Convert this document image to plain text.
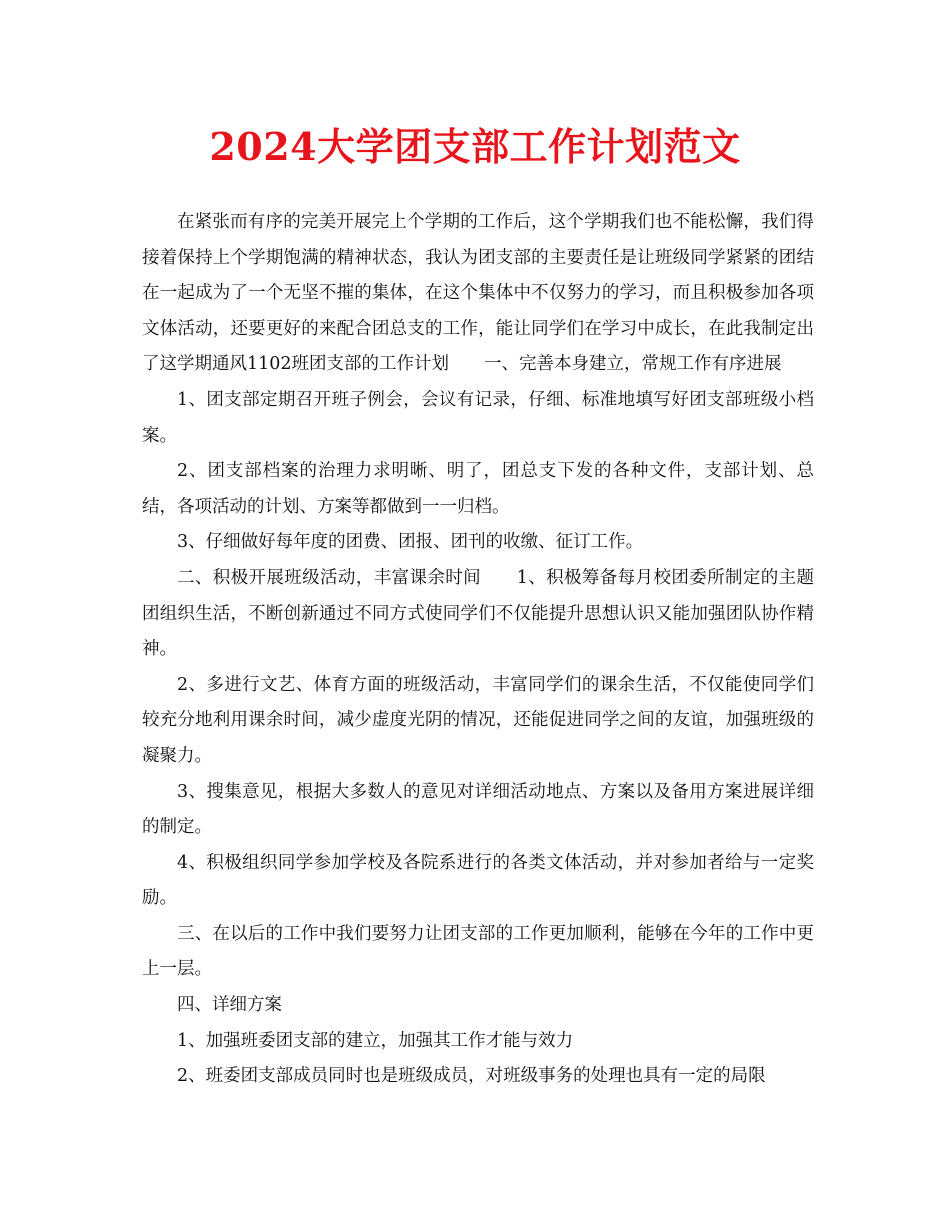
2024大学团支部工作计划范文

在紧张而有序的完美开展完上个学期的工作后，这个学期我们也不能松懈，我们得接着保持上个学期饱满的精神状态，我认为团支部的主要责任是让班级同学紧紧的团结在一起成为了一个无坚不摧的集体，在这个集体中不仅努力的学习，而且积极参加各项文体活动，还要更好的来配合团总支的工作，能让同学们在学习中成长，在此我制定出了这学期通风1102班团支部的工作计划　　一、完善本身建立，常规工作有序进展

1、团支部定期召开班子例会，会议有记录，仔细、标准地填写好团支部班级小档案。

2、团支部档案的治理力求明晰、明了，团总支下发的各种文件，支部计划、总结，各项活动的计划、方案等都做到一一归档。

3、仔细做好每年度的团费、团报、团刊的收缴、征订工作。

二、积极开展班级活动，丰富课余时间　　1、积极筹备每月校团委所制定的主题团组织生活，不断创新通过不同方式使同学们不仅能提升思想认识又能加强团队协作精神。

2、多进行文艺、体育方面的班级活动，丰富同学们的课余生活，不仅能使同学们较充分地利用课余时间，减少虚度光阴的情况，还能促进同学之间的友谊，加强班级的凝聚力。

3、搜集意见，根据大多数人的意见对详细活动地点、方案以及备用方案进展详细的制定。

4、积极组织同学参加学校及各院系进行的各类文体活动，并对参加者给与一定奖励。

三、在以后的工作中我们要努力让团支部的工作更加顺利，能够在今年的工作中更上一层。

四、详细方案

1、加强班委团支部的建立，加强其工作才能与效力

2、班委团支部成员同时也是班级成员，对班级事务的处理也具有一定的局限
